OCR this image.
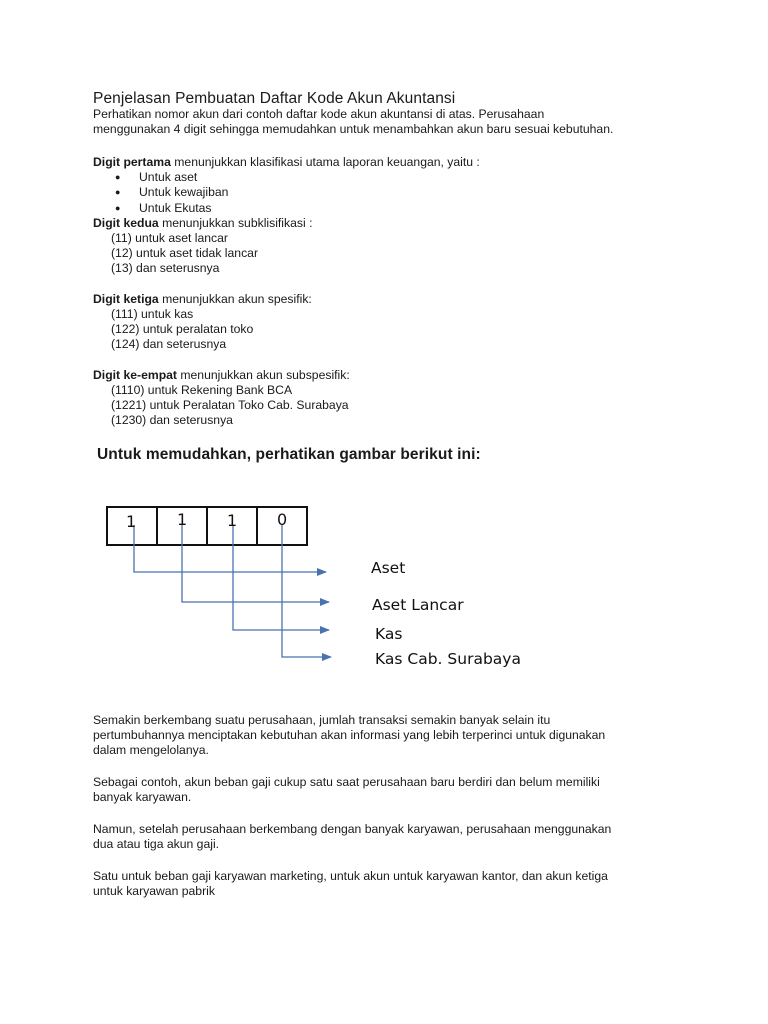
Penjelasan Pembuatan Daftar Kode Akun Akuntansi
Perhatikan nomor akun dari contoh daftar kode akun akuntansi di atas. Perusahaan
menggunakan 4 digit sehingga memudahkan untuk menambahkan akun baru sesuai kebutuhan.
Digit pertama menunjukkan klasifikasi utama laporan keuangan, yaitu :
● Untuk aset
● Untuk kewajiban
● Untuk Ekutas
Digit kedua menunjukkan subklisifikasi :
(11) untuk aset lancar
(12) untuk aset tidak lancar
(13) dan seterusnya
Digit ketiga menunjukkan akun spesifik:
(111) untuk kas
(122) untuk peralatan toko
(124) dan seterusnya
Digit ke-empat menunjukkan akun subspesifik:
(1110) untuk Rekening Bank BCA
(1221) untuk Peralatan Toko Cab. Surabaya
(1230) dan seterusnya
Untuk memudahkan, perhatikan gambar berikut ini:
1	1 1 0
Aset
Aset Lancar
Kas
Kas Cab. Surabaya
Semakin berkembang suatu perusahaan, jumlah transaksi semakin banyak selain itu
pertumbuhannya menciptakan kebutuhan akan informasi yang lebih terperinci untuk digunakan
dalam mengelolanya.
Sebagai contoh, akun beban gaji cukup satu saat perusahaan baru berdiri dan belum memiliki
banyak karyawan.
Namun, setelah perusahaan berkembang dengan banyak karyawan, perusahaan menggunakan
dua atau tiga akun gaji.
Satu untuk beban gaji karyawan marketing, untuk akun untuk karyawan kantor, dan akun ketiga
untuk karyawan pabrik
